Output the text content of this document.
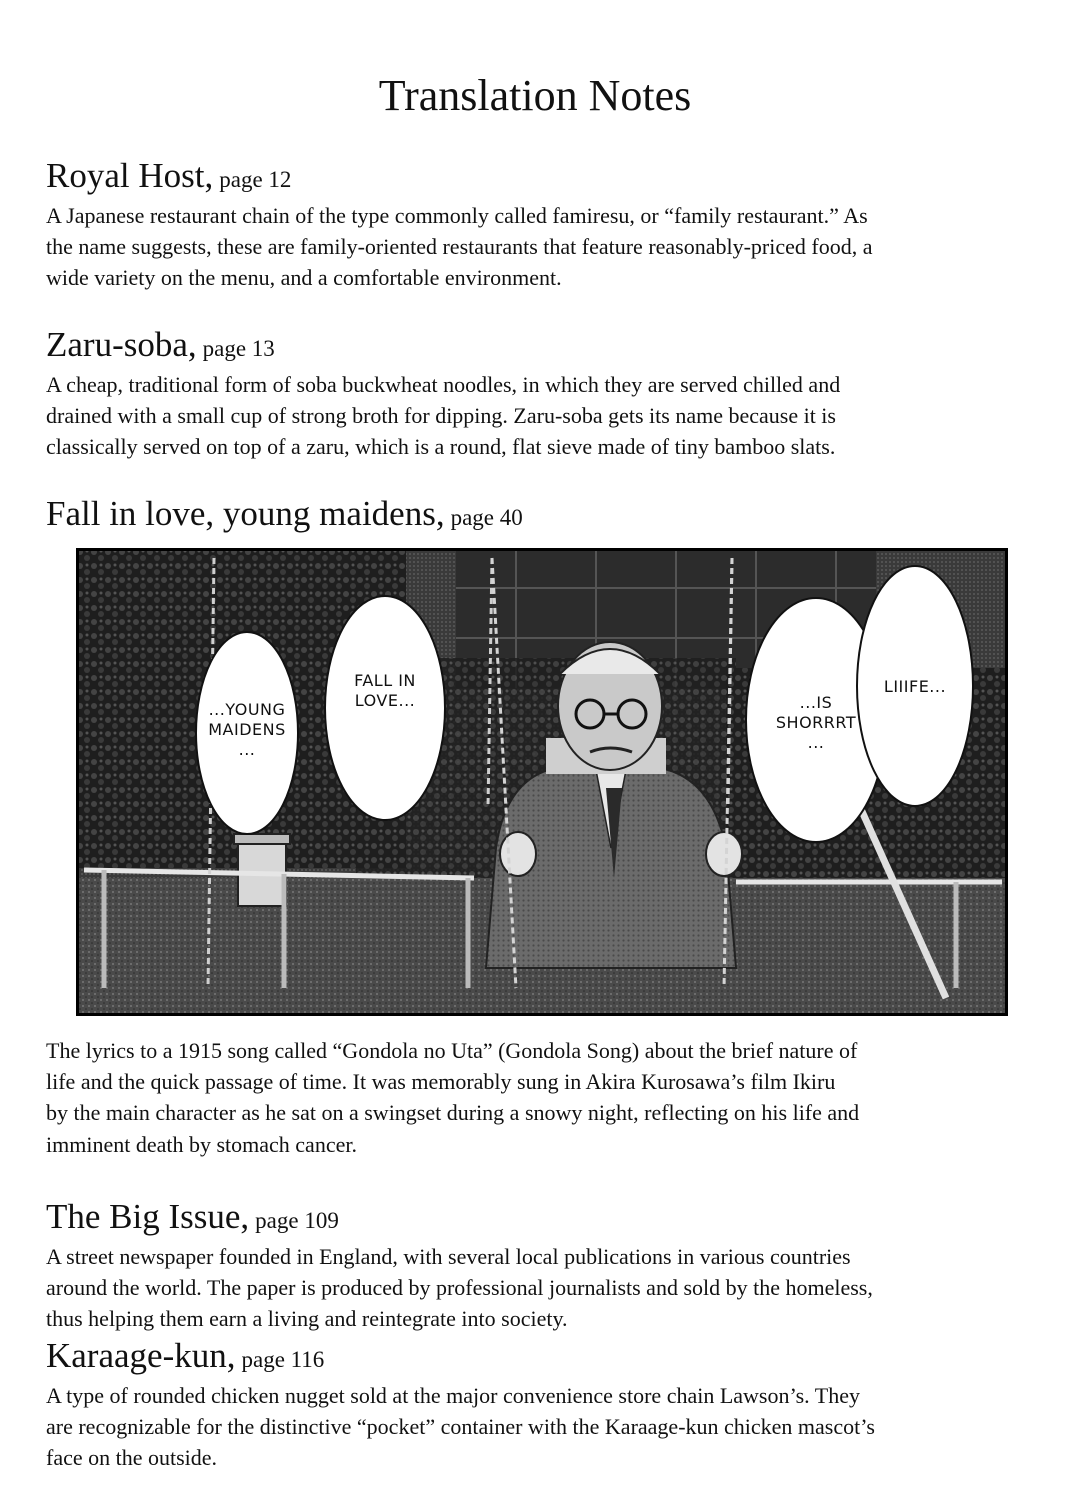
Translation Notes
Royal Host, page 12

A Japanese restaurant chain of the type commonly called famiresu, or “family restaurant.” As
the name suggests, these are family-oriented restaurants that feature reasonably-priced food, a
wide variety on the menu, and a comfortable environment.

Zaru-soba, page 13

A cheap, traditional form of soba buckwheat noodles, in which they are served chilled and
drained with a small cup of strong broth for dipping. Zaru-soba gets its name because it is
classically served on top of a zaru, which is a round, flat sieve made of tiny bamboo slats.

Fall in love, young maidens, page 40
...YOUNG
MAIDENS
...
FALL IN
LOVE...	...IS
SHORRRT
...
LIIIFE...

The lyrics to a 1915 song called “Gondola no Uta” (Gondola Song) about the brief nature of
life and the quick passage of time. It was memorably sung in Akira Kurosawa’s film Ikiru
by the main character as he sat on a swingset during a snowy night, reflecting on his life and
imminent death by stomach cancer.

The Big Issue, page 109

A street newspaper founded in England, with several local publications in various countries
around the world. The paper is produced by professional journalists and sold by the homeless,
thus helping them earn a living and reintegrate into society.

Karaage-kun, page 116

A type of rounded chicken nugget sold at the major convenience store chain Lawson’s. They
are recognizable for the distinctive “pocket” container with the Karaage-kun chicken mascot’s
face on the outside.
